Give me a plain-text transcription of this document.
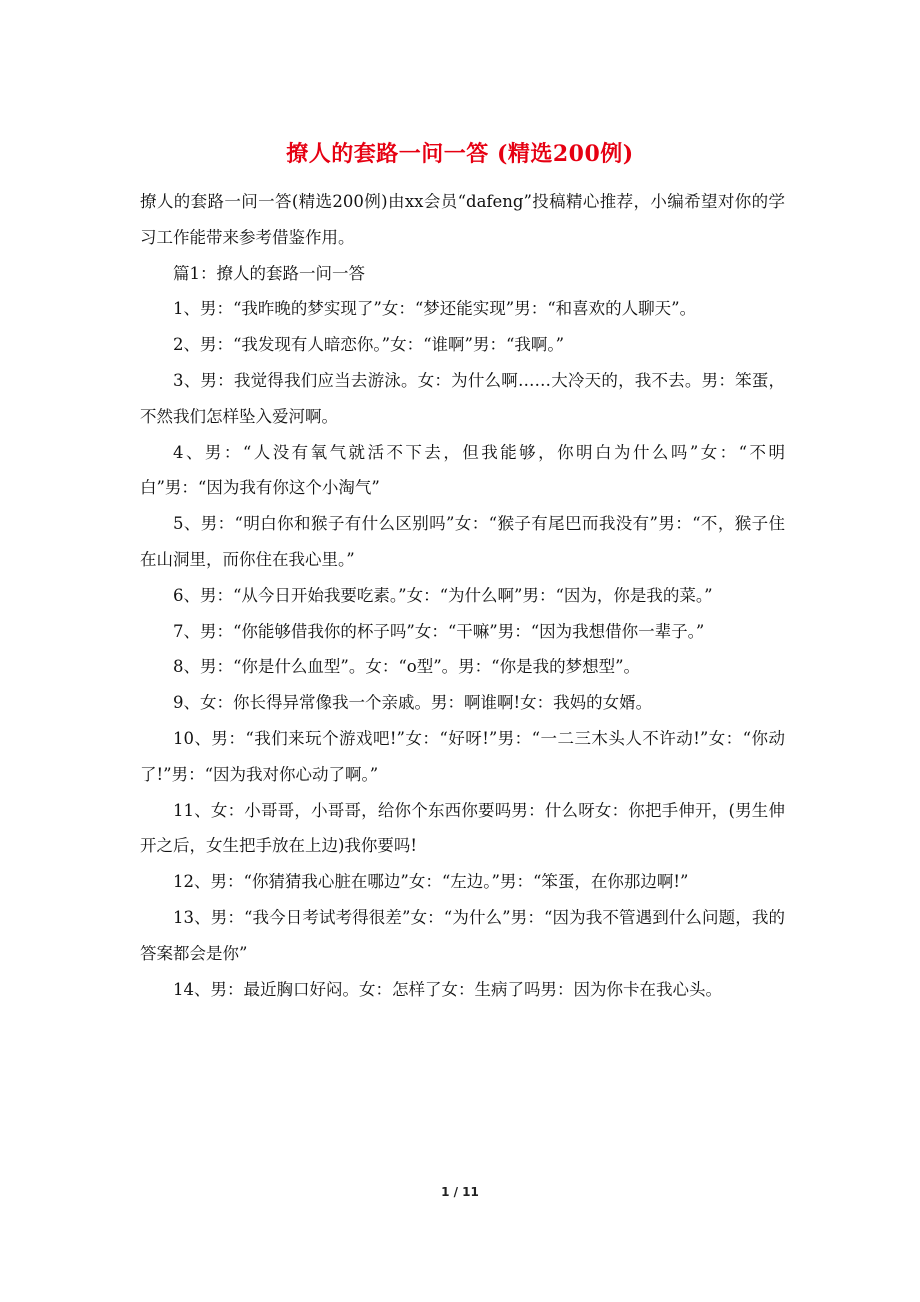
撩人的套路一问一答 (精选200例)

撩人的套路一问一答(精选200例)由xx会员“dafeng”投稿精心推荐，小编希望对你的学习工作能带来参考借鉴作用。

篇1：撩人的套路一问一答

1、男：“我昨晚的梦实现了”女：“梦还能实现”男：“和喜欢的人聊天”。

2、男：“我发现有人暗恋你。”女：“谁啊”男：“我啊。”

3、男：我觉得我们应当去游泳。女：为什么啊……大冷天的，我不去。男：笨蛋，不然我们怎样坠入爱河啊。

4、男：“人没有氧气就活不下去，但我能够，你明白为什么吗”女：“不明白”男：“因为我有你这个小淘气”

5、男：“明白你和猴子有什么区别吗”女：“猴子有尾巴而我没有”男：“不，猴子住在山洞里，而你住在我心里。”

6、男：“从今日开始我要吃素。”女：“为什么啊”男：“因为，你是我的菜。”

7、男：“你能够借我你的杯子吗”女：“干嘛”男：“因为我想借你一辈子。”

8、男：“你是什么血型”。女：“o型”。男：“你是我的梦想型”。

9、女：你长得异常像我一个亲戚。男：啊谁啊!女：我妈的女婿。

10、男：“我们来玩个游戏吧!”女：“好呀!”男：“一二三木头人不许动!”女：“你动了!”男：“因为我对你心动了啊。”

11、女：小哥哥，小哥哥，给你个东西你要吗男：什么呀女：你把手伸开，(男生伸开之后，女生把手放在上边)我你要吗!

12、男：“你猜猜我心脏在哪边”女：“左边。”男：“笨蛋，在你那边啊!”

13、男：“我今日考试考得很差”女：“为什么”男：“因为我不管遇到什么问题，我的答案都会是你”

14、男：最近胸口好闷。女：怎样了女：生病了吗男：因为你卡在我心头。

1 / 11
